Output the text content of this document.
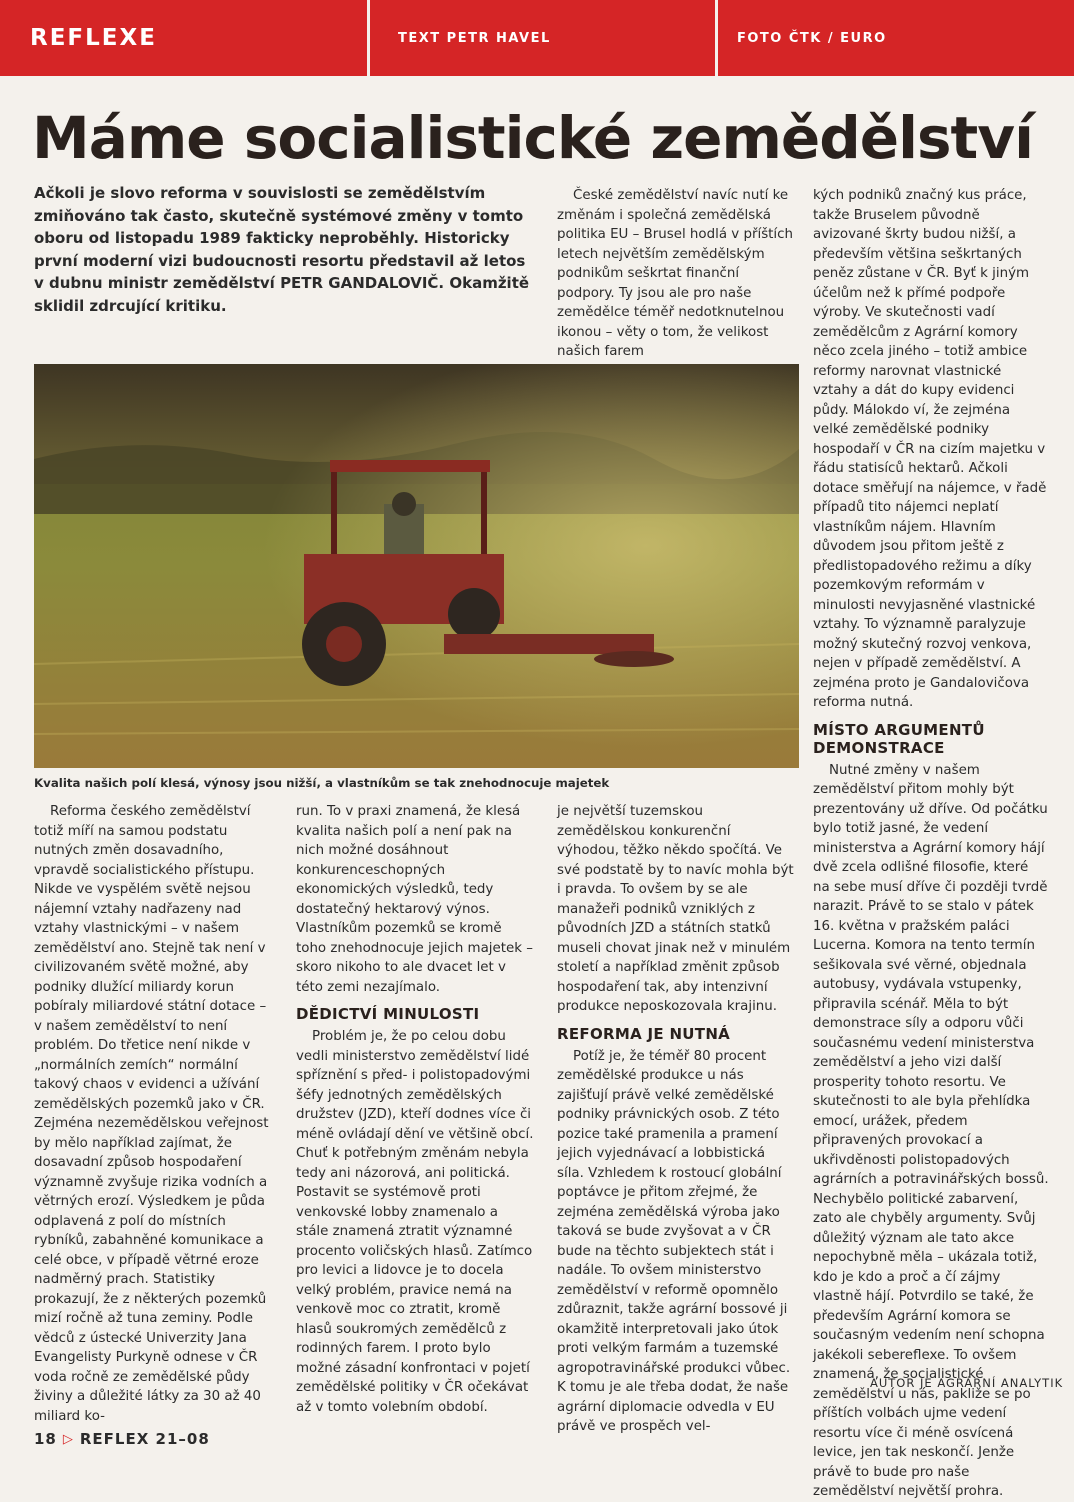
REFLEXE	TEXT
PETR HAVEL	FOTO
ČTK / EURO
Máme socialistické zemědělství
Ačkoli je slovo reforma v souvislosti se zemědělstvím zmiňováno tak často, skutečně systémové změny v tomto oboru od listopadu 1989 fakticky neproběhly. Historicky první moderní vizi budoucnosti resortu představil až letos v dubnu ministr zemědělství PETR GANDALOVIČ. Okamžitě sklidil zdrcující kritiku.

České zemědělství navíc nutí ke změnám i společná zemědělská politika EU – Brusel hodlá v příštích letech největším zemědělským podnikům seškrtat finanční podpory. Ty jsou ale pro naše zemědělce téměř nedotknutelnou ikonou – věty o tom, že velikost našich farem

kých podniků značný kus práce, takže Bruselem původně avizované škrty budou nižší, a především většina seškrtaných peněz zůstane v ČR. Byť k jiným účelům než k přímé podpoře výroby. Ve skutečnosti vadí zemědělcům z Agrární komory něco zcela jiného – totiž ambice reformy narovnat vlastnické vztahy a dát do kupy evidenci půdy. Málokdo ví, že zejména velké zemědělské podniky hospodaří v ČR na cizím majetku v řádu statisíců hektarů. Ačkoli dotace směřují na nájemce, v řadě případů tito nájemci neplatí vlastníkům nájem. Hlavním důvodem jsou přitom ještě z předlistopadového režimu a díky pozemkovým reformám v minulosti nevyjasněné vlastnické vztahy. To významně paralyzuje možný skutečný rozvoj venkova, nejen v případě zemědělství. A zejména proto je Gandalovičova reforma nutná.

MÍSTO ARGUMENTŮ DEMONSTRACE

Nutné změny v našem zemědělství přitom mohly být prezentovány už dříve. Od počátku bylo totiž jasné, že vedení ministerstva a Agrární komory hájí dvě zcela odlišné filosofie, které na sebe musí dříve či později tvrdě narazit. Právě to se stalo v pátek 16. května v pražském paláci Lucerna. Komora na tento termín sešikovala své věrné, objednala autobusy, vydávala vstupenky, připravila scénář. Měla to být demonstrace síly a odporu vůči současnému vedení ministerstva zemědělství a jeho vizi další prosperity tohoto resortu. Ve skutečnosti to ale byla přehlídka emocí, urážek, předem připravených provokací a ukřivděnosti polistopadových agrárních a potravinářských bossů. Nechybělo politické zabarvení, zato ale chyběly argumenty. Svůj důležitý význam ale tato akce nepochybně měla – ukázala totiž, kdo je kdo a proč a čí zájmy vlastně hájí. Potvrdilo se také, že především Agrární komora se současným vedením není schopna jakékoli sebereflexe. To ovšem znamená, že socialistické zemědělství u nás, pakliže se po příštích volbách ujme vedení resortu více či méně osvícená levice, jen tak neskončí. Jenže právě to bude pro naše zemědělství největší prohra.

Kvalita našich polí klesá, výnosy jsou nižší, a vlastníkům se tak znehodnocuje majetek

Reforma českého zemědělství totiž míří na samou podstatu nutných změn dosavadního, vpravdě socialistického přístupu. Nikde ve vyspělém světě nejsou nájemní vztahy nadřazeny nad vztahy vlastnickými – v našem zemědělství ano. Stejně tak není v civilizovaném světě možné, aby podniky dlužící miliardy korun pobíraly miliardové státní dotace – v našem zemědělství to není problém. Do třetice není nikde v „normálních zemích“ normální takový chaos v evidenci a užívání zemědělských pozemků jako v ČR. Zejména nezemědělskou veřejnost by mělo například zajímat, že dosavadní způsob hospodaření významně zvyšuje rizika vodních a větrných erozí. Výsledkem je půda odplavená z polí do místních rybníků, zabahněné komunikace a celé obce, v případě větrné eroze nadměrný prach. Statistiky prokazují, že z některých pozemků mizí ročně až tuna zeminy. Podle vědců z ústecké Univerzity Jana Evangelisty Purkyně odnese v ČR voda ročně ze zemědělské půdy živiny a důležité látky za 30 až 40 miliard ko-

run. To v praxi znamená, že klesá kvalita našich polí a není pak na nich možné dosáhnout konkurenceschopných ekonomických výsledků, tedy dostatečný hektarový výnos. Vlastníkům pozemků se kromě toho znehodnocuje jejich majetek – skoro nikoho to ale dvacet let v této zemi nezajímalo.

DĚDICTVÍ MINULOSTI

Problém je, že po celou dobu vedli ministerstvo zemědělství lidé spříznění s před- i polistopadovými šéfy jednotných zemědělských družstev (JZD), kteří dodnes více či méně ovládají dění ve většině obcí. Chuť k potřebným změnám nebyla tedy ani názorová, ani politická. Postavit se systémově proti venkovské lobby znamenalo a stále znamená ztratit významné procento voličských hlasů. Zatímco pro levici a lidovce je to docela velký problém, pravice nemá na venkově moc co ztratit, kromě hlasů soukromých zemědělců z rodinných farem. I proto bylo možné zásadní konfrontaci v pojetí zemědělské politiky v ČR očekávat až v tomto volebním období.

je největší tuzemskou zemědělskou konkurenční výhodou, těžko někdo spočítá. Ve své podstatě by to navíc mohla být i pravda. To ovšem by se ale manažeři podniků vzniklých z původních JZD a státních statků museli chovat jinak než v minulém století a například změnit způsob hospodaření tak, aby intenzivní produkce neposkozovala krajinu.

REFORMA JE NUTNÁ

Potíž je, že téměř 80 procent zemědělské produkce u nás zajišťují právě velké zemědělské podniky právnických osob. Z této pozice také pramenila a pramení jejich vyjednávací a lobbistická síla. Vzhledem k rostoucí globální poptávce je přitom zřejmé, že zejména zemědělská výroba jako taková se bude zvyšovat a v ČR bude na těchto subjektech stát i nadále. To ovšem ministerstvo zemědělství v reformě opomnělo zdůraznit, takže agrární bossové ji okamžitě interpretovali jako útok proti velkým farmám a tuzemské agropotravinářské produkci vůbec. K tomu je ale třeba dodat, že naše agrární diplomacie odvedla v EU právě ve prospěch vel-

AUTOR JE AGRÁRNÍ ANALYTIK
18 ▷ REFLEX 21–08
